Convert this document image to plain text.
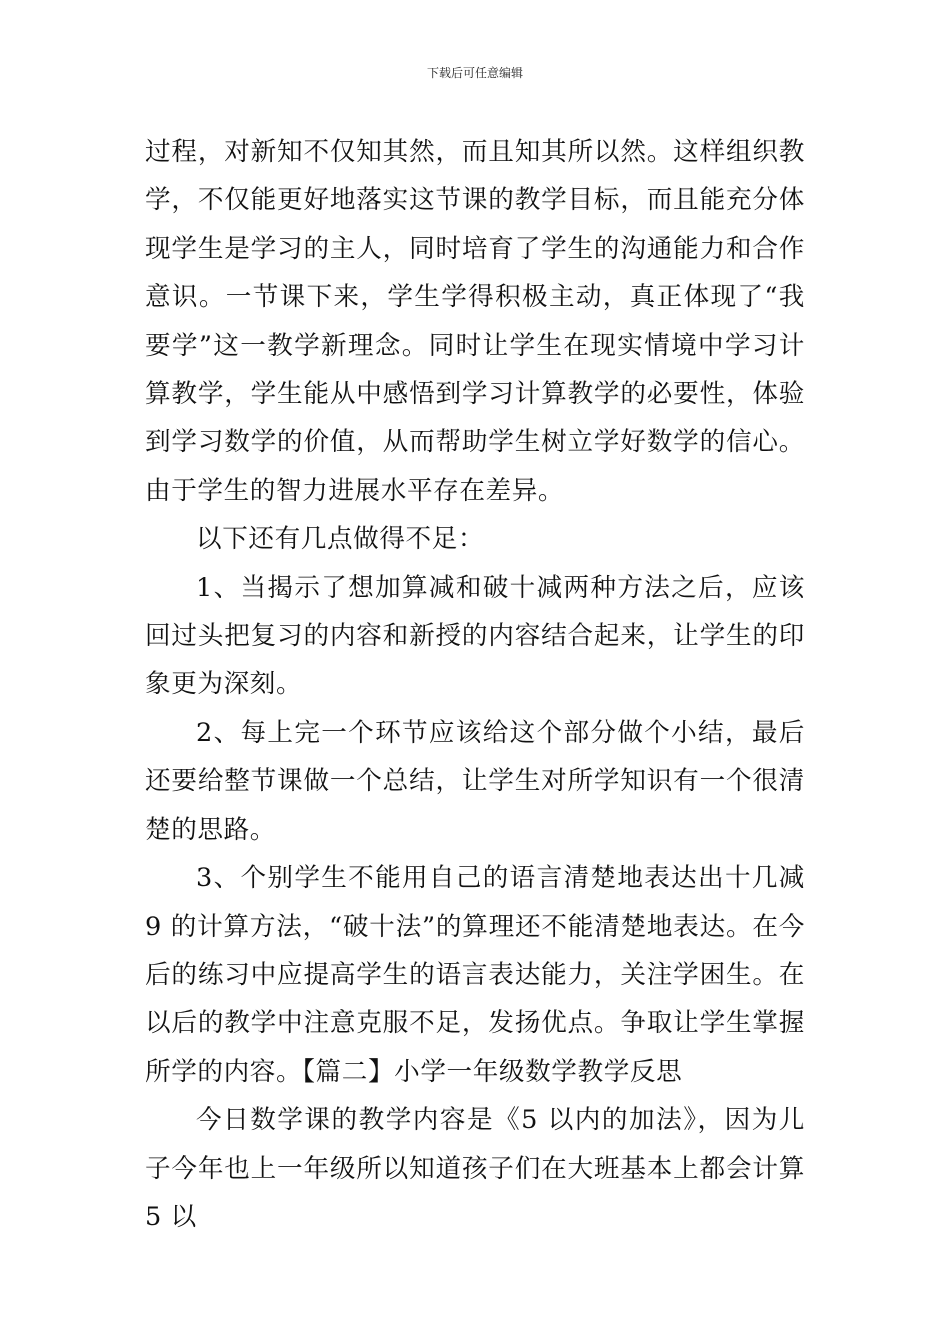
下载后可任意编辑

过程，对新知不仅知其然，而且知其所以然。这样组织教学，不仅能更好地落实这节课的教学目标，而且能充分体现学生是学习的主人，同时培育了学生的沟通能力和合作意识。一节课下来，学生学得积极主动，真正体现了“我要学”这一教学新理念。同时让学生在现实情境中学习计算教学，学生能从中感悟到学习计算教学的必要性，体验到学习数学的价值，从而帮助学生树立学好数学的信心。由于学生的智力进展水平存在差异。

以下还有几点做得不足：

1、当揭示了想加算减和破十减两种方法之后，应该回过头把复习的内容和新授的内容结合起来，让学生的印象更为深刻。

2、每上完一个环节应该给这个部分做个小结，最后还要给整节课做一个总结，让学生对所学知识有一个很清楚的思路。

3、个别学生不能用自己的语言清楚地表达出十几减 9 的计算方法，“破十法”的算理还不能清楚地表达。在今后的练习中应提高学生的语言表达能力，关注学困生。在以后的教学中注意克服不足，发扬优点。争取让学生掌握所学的内容。【篇二】小学一年级数学教学反思

今日数学课的教学内容是《5 以内的加法》，因为儿子今年也上一年级所以知道孩子们在大班基本上都会计算 5 以
